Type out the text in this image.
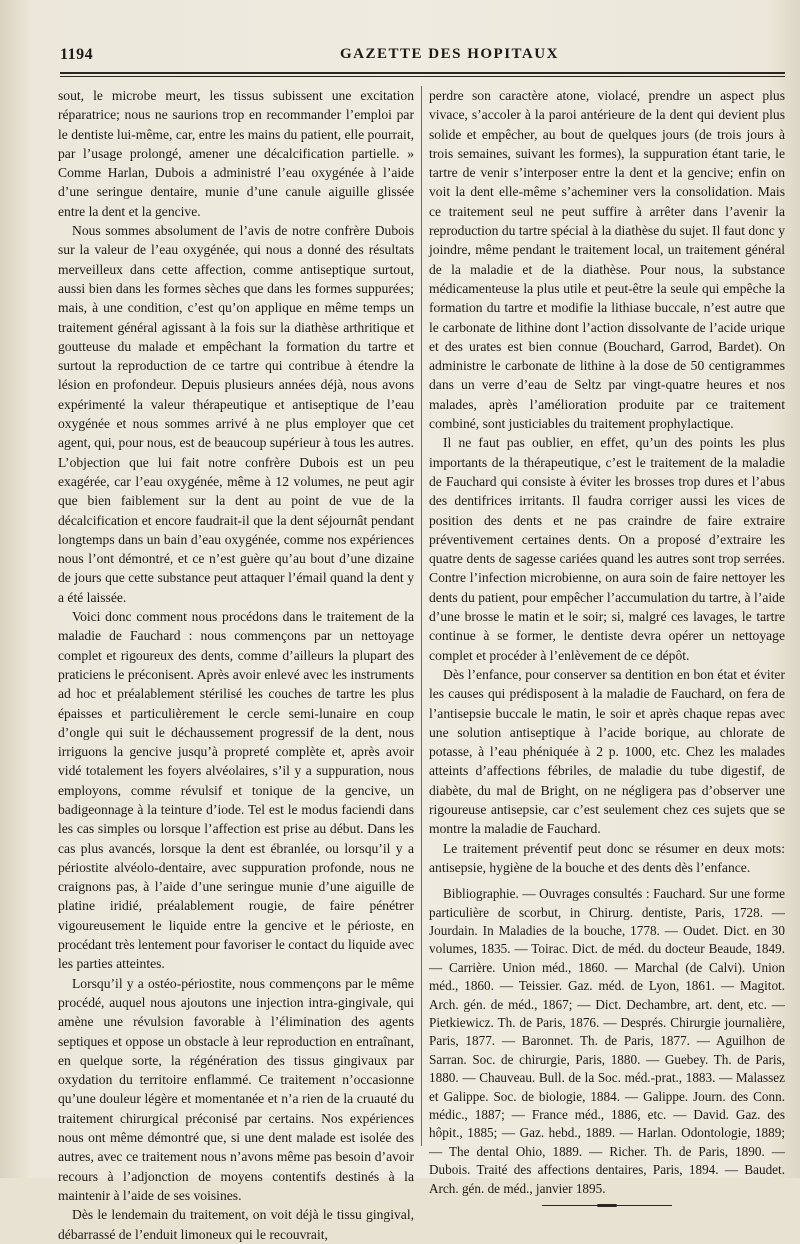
1194	GAZETTE DES HOPITAUX

sout, le microbe meurt, les tissus subissent une excitation réparatrice; nous ne saurions trop en recommander l’emploi par le dentiste lui-même, car, entre les mains du patient, elle pourrait, par l’usage prolongé, amener une décalcification partielle. » Comme Harlan, Dubois a administré l’eau oxygénée à l’aide d’une seringue dentaire, munie d’une canule aiguille glissée entre la dent et la gencive.

Nous sommes absolument de l’avis de notre confrère Dubois sur la valeur de l’eau oxygénée, qui nous a donné des résultats merveilleux dans cette affection, comme antiseptique surtout, aussi bien dans les formes sèches que dans les formes suppurées; mais, à une condition, c’est qu’on applique en même temps un traitement général agissant à la fois sur la diathèse arthritique et goutteuse du malade et empêchant la formation du tartre et surtout la reproduction de ce tartre qui contribue à étendre la lésion en profondeur. Depuis plusieurs années déjà, nous avons expérimenté la valeur thérapeutique et antiseptique de l’eau oxygénée et nous sommes arrivé à ne plus employer que cet agent, qui, pour nous, est de beaucoup supérieur à tous les autres. L’objection que lui fait notre confrère Dubois est un peu exagérée, car l’eau oxygénée, même à 12 volumes, ne peut agir que bien faiblement sur la dent au point de vue de la décalcification et encore faudrait-il que la dent séjournât pendant longtemps dans un bain d’eau oxygénée, comme nos expériences nous l’ont démontré, et ce n’est guère qu’au bout d’une dizaine de jours que cette substance peut attaquer l’émail quand la dent y a été laissée.

Voici donc comment nous procédons dans le traitement de la maladie de Fauchard : nous commençons par un nettoyage complet et rigoureux des dents, comme d’ailleurs la plupart des praticiens le préconisent. Après avoir enlevé avec les instruments ad hoc et préalablement stérilisé les couches de tartre les plus épaisses et particulièrement le cercle semi-lunaire en coup d’ongle qui suit le déchaussement progressif de la dent, nous irriguons la gencive jusqu’à propreté complète et, après avoir vidé totalement les foyers alvéolaires, s’il y a suppuration, nous employons, comme révulsif et tonique de la gencive, un badigeonnage à la teinture d’iode. Tel est le modus faciendi dans les cas simples ou lorsque l’affection est prise au début. Dans les cas plus avancés, lorsque la dent est ébranlée, ou lorsqu’il y a périostite alvéolo-dentaire, avec suppuration profonde, nous ne craignons pas, à l’aide d’une seringue munie d’une aiguille de platine iridié, préalablement rougie, de faire pénétrer vigoureusement le liquide entre la gencive et le périoste, en procédant très lentement pour favoriser le contact du liquide avec les parties atteintes.

Lorsqu’il y a ostéo-périostite, nous commençons par le même procédé, auquel nous ajoutons une injection intra-gingivale, qui amène une révulsion favorable à l’élimination des agents septiques et oppose un obstacle à leur reproduction en entraînant, en quelque sorte, la régénération des tissus gingivaux par oxydation du territoire enflammé. Ce traitement n’occasionne qu’une douleur légère et momentanée et n’a rien de la cruauté du traitement chirurgical préconisé par certains. Nos expériences nous ont même démontré que, si une dent malade est isolée des autres, avec ce traitement nous n’avons même pas besoin d’avoir recours à l’adjonction de moyens contentifs destinés à la maintenir à l’aide de ses voisines.

Dès le lendemain du traitement, on voit déjà le tissu gingival, débarrassé de l’enduit limoneux qui le recouvrait,

perdre son caractère atone, violacé, prendre un aspect plus vivace, s’accoler à la paroi antérieure de la dent qui devient plus solide et empêcher, au bout de quelques jours (de trois jours à trois semaines, suivant les formes), la suppuration étant tarie, le tartre de venir s’interposer entre la dent et la gencive; enfin on voit la dent elle-même s’acheminer vers la consolidation. Mais ce traitement seul ne peut suffire à arrêter dans l’avenir la reproduction du tartre spécial à la diathèse du sujet. Il faut donc y joindre, même pendant le traitement local, un traitement général de la maladie et de la diathèse. Pour nous, la substance médicamenteuse la plus utile et peut-être la seule qui empêche la formation du tartre et modifie la lithiase buccale, n’est autre que le carbonate de lithine dont l’action dissolvante de l’acide urique et des urates est bien connue (Bouchard, Garrod, Bardet). On administre le carbonate de lithine à la dose de 50 centigrammes dans un verre d’eau de Seltz par vingt-quatre heures et nos malades, après l’amélioration produite par ce traitement combiné, sont justiciables du traitement prophylactique.

Il ne faut pas oublier, en effet, qu’un des points les plus importants de la thérapeutique, c’est le traitement de la maladie de Fauchard qui consiste à éviter les brosses trop dures et l’abus des dentifrices irritants. Il faudra corriger aussi les vices de position des dents et ne pas craindre de faire extraire préventivement certaines dents. On a proposé d’extraire les quatre dents de sagesse cariées quand les autres sont trop serrées. Contre l’infection microbienne, on aura soin de faire nettoyer les dents du patient, pour empêcher l’accumulation du tartre, à l’aide d’une brosse le matin et le soir; si, malgré ces lavages, le tartre continue à se former, le dentiste devra opérer un nettoyage complet et procéder à l’enlèvement de ce dépôt.

Dès l’enfance, pour conserver sa dentition en bon état et éviter les causes qui prédisposent à la maladie de Fauchard, on fera de l’antisepsie buccale le matin, le soir et après chaque repas avec une solution antiseptique à l’acide borique, au chlorate de potasse, à l’eau phéniquée à 2 p. 1000, etc. Chez les malades atteints d’affections fébriles, de maladie du tube digestif, de diabète, du mal de Bright, on ne négligera pas d’observer une rigoureuse antisepsie, car c’est seulement chez ces sujets que se montre la maladie de Fauchard.

Le traitement préventif peut donc se résumer en deux mots: antisepsie, hygiène de la bouche et des dents dès l’enfance.

Bibliographie. — Ouvrages consultés : Fauchard. Sur une forme particulière de scorbut, in Chirurg. dentiste, Paris, 1728. — Jourdain. In Maladies de la bouche, 1778. — Oudet. Dict. en 30 volumes, 1835. — Toirac. Dict. de méd. du docteur Beaude, 1849. — Carrière. Union méd., 1860. — Marchal (de Calvi). Union méd., 1860. — Teissier. Gaz. méd. de Lyon, 1861. — Magitot. Arch. gén. de méd., 1867; — Dict. Dechambre, art. dent, etc. — Pietkiewicz. Th. de Paris, 1876. — Després. Chirurgie journalière, Paris, 1877. — Baronnet. Th. de Paris, 1877. — Aguilhon de Sarran. Soc. de chirurgie, Paris, 1880. — Guebey. Th. de Paris, 1880. — Chauveau. Bull. de la Soc. méd.-prat., 1883. — Malassez et Galippe. Soc. de biologie, 1884. — Galippe. Journ. des Conn. médic., 1887; — France méd., 1886, etc. — David. Gaz. des hôpit., 1885; — Gaz. hebd., 1889. — Harlan. Odontologie, 1889; — The dental Ohio, 1889. — Richer. Th. de Paris, 1890. — Dubois. Traité des affections dentaires, Paris, 1894. — Baudet. Arch. gén. de méd., janvier 1895.
